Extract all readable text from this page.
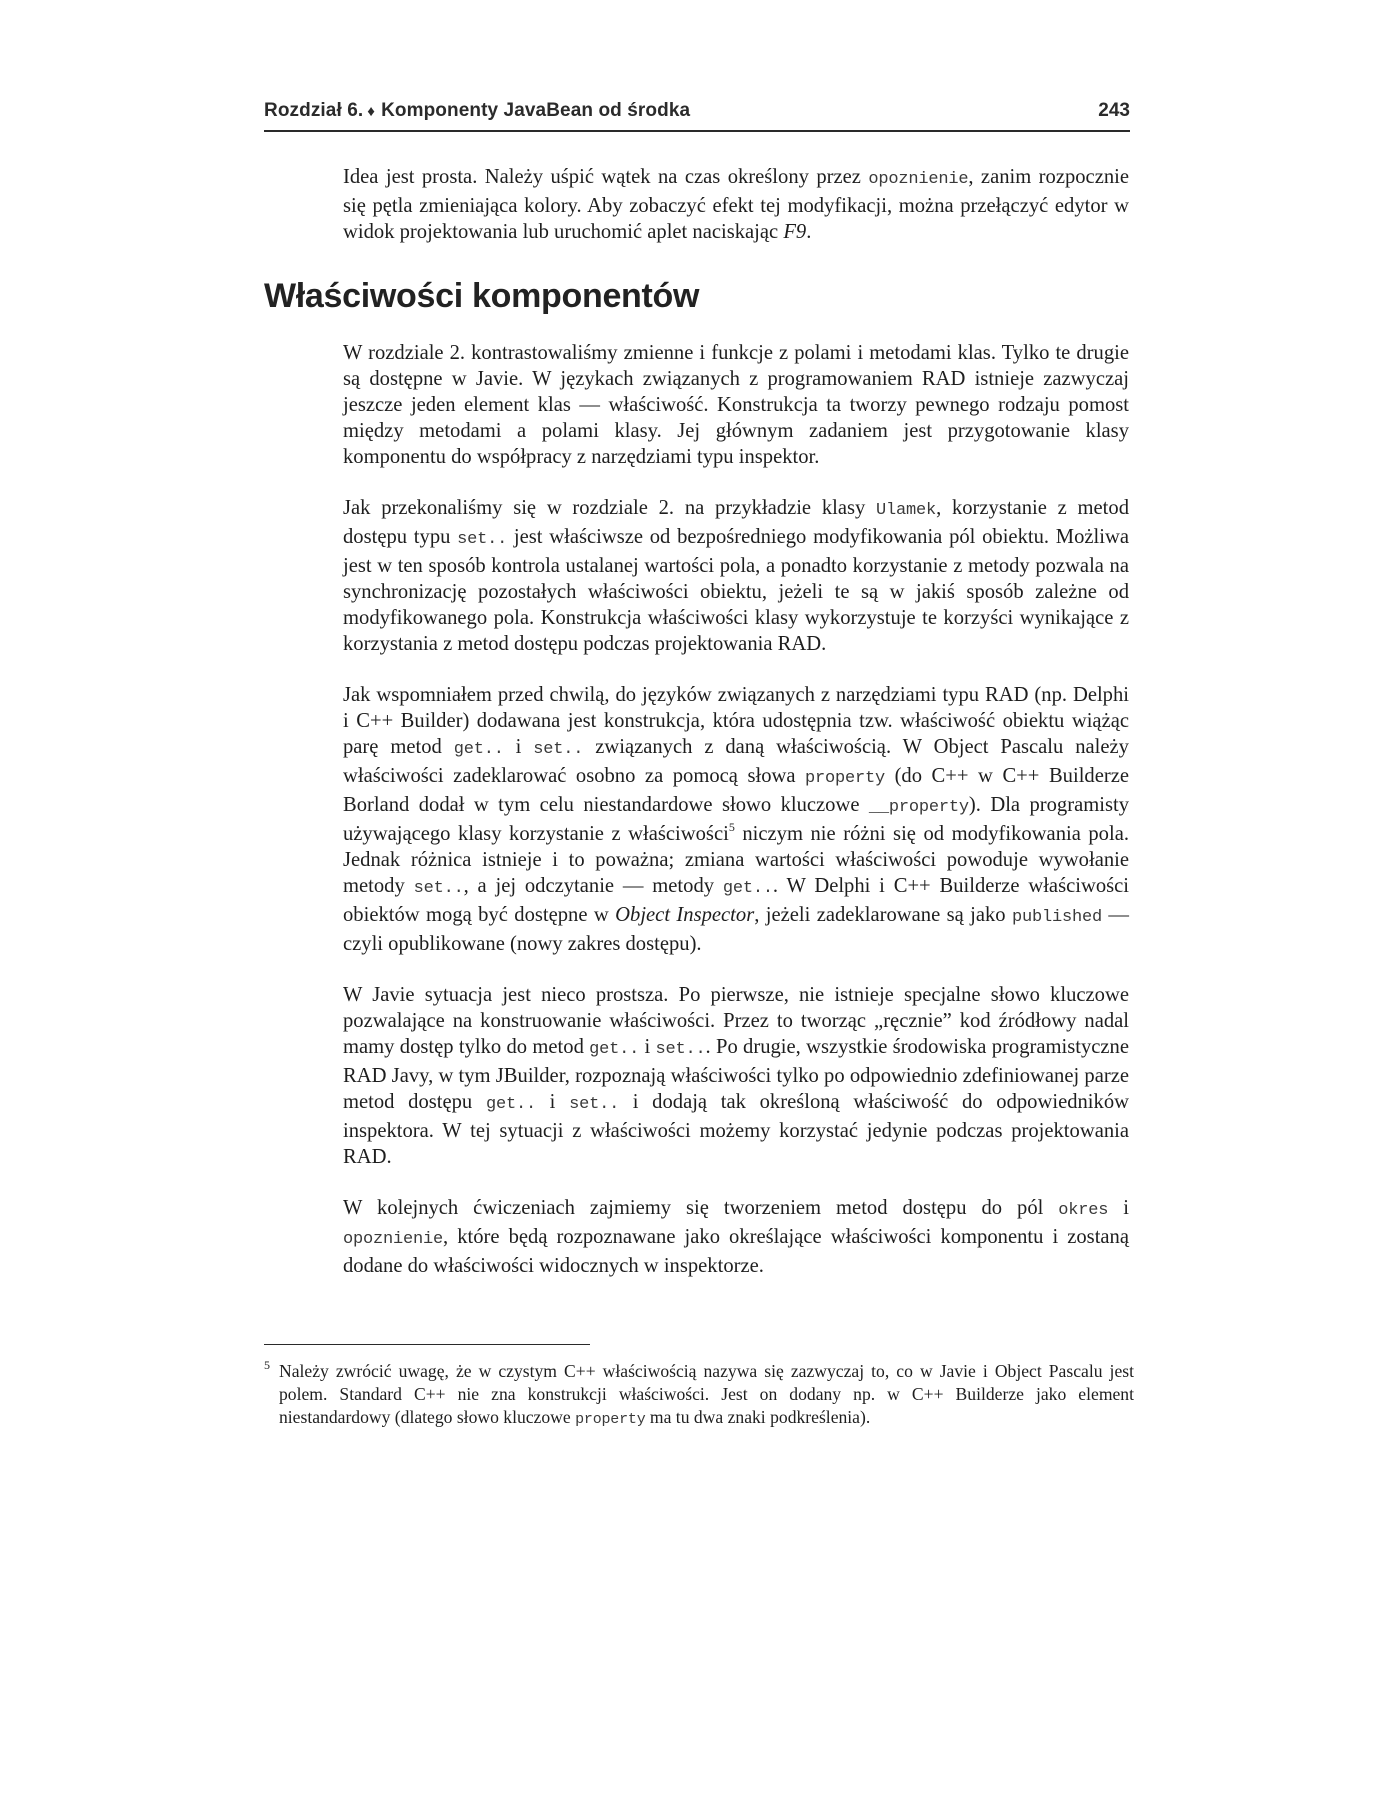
Rozdział 6. ♦ Komponenty JavaBean od środka	243

Idea jest prosta. Należy uśpić wątek na czas określony przez opoznienie, zanim rozpocznie się pętla zmieniająca kolory. Aby zobaczyć efekt tej modyfikacji, można przełączyć edytor w widok projektowania lub uruchomić aplet naciskając F9.

Właściwości komponentów

W rozdziale 2. kontrastowaliśmy zmienne i funkcje z polami i metodami klas. Tylko te drugie są dostępne w Javie. W językach związanych z programowaniem RAD istnieje zazwyczaj jeszcze jeden element klas — właściwość. Konstrukcja ta tworzy pewnego rodzaju pomost między metodami a polami klasy. Jej głównym zadaniem jest przygotowanie klasy komponentu do współpracy z narzędziami typu inspektor.

Jak przekonaliśmy się w rozdziale 2. na przykładzie klasy Ulamek, korzystanie z metod dostępu typu set.. jest właściwsze od bezpośredniego modyfikowania pól obiektu. Możliwa jest w ten sposób kontrola ustalanej wartości pola, a ponadto korzystanie z metody pozwala na synchronizację pozostałych właściwości obiektu, jeżeli te są w jakiś sposób zależne od modyfikowanego pola. Konstrukcja właściwości klasy wykorzystuje te korzyści wynikające z korzystania z metod dostępu podczas projektowania RAD.

Jak wspomniałem przed chwilą, do języków związanych z narzędziami typu RAD (np. Delphi i C++ Builder) dodawana jest konstrukcja, która udostępnia tzw. właściwość obiektu wiążąc parę metod get.. i set.. związanych z daną właściwością. W Object Pascalu należy właściwości zadeklarować osobno za pomocą słowa property (do C++ w C++ Builderze Borland dodał w tym celu niestandardowe słowo kluczowe __property). Dla programisty używającego klasy korzystanie z właściwości$^5$ niczym nie różni się od modyfikowania pola. Jednak różnica istnieje i to poważna; zmiana wartości właściwości powoduje wywołanie metody set.., a jej odczytanie — metody get... W Delphi i C++ Builderze właściwości obiektów mogą być dostępne w Object Inspector, jeżeli zadeklarowane są jako published — czyli opublikowane (nowy zakres dostępu).

W Javie sytuacja jest nieco prostsza. Po pierwsze, nie istnieje specjalne słowo kluczowe pozwalające na konstruowanie właściwości. Przez to tworząc „ręcznie” kod źródłowy nadal mamy dostęp tylko do metod get.. i set... Po drugie, wszystkie środowiska programistyczne RAD Javy, w tym JBuilder, rozpoznają właściwości tylko po odpowiednio zdefiniowanej parze metod dostępu get.. i set.. i dodają tak określoną właściwość do odpowiedników inspektora. W tej sytuacji z właściwości możemy korzystać jedynie podczas projektowania RAD.

W kolejnych ćwiczeniach zajmiemy się tworzeniem metod dostępu do pól okres i opoznienie, które będą rozpoznawane jako określające właściwości komponentu i zostaną dodane do właściwości widocznych w inspektorze.

5 Należy zwrócić uwagę, że w czystym C++ właściwością nazywa się zazwyczaj to, co w Javie i Object Pascalu jest polem. Standard C++ nie zna konstrukcji właściwości. Jest on dodany np. w C++ Builderze jako element niestandardowy (dlatego słowo kluczowe property ma tu dwa znaki podkreślenia).
